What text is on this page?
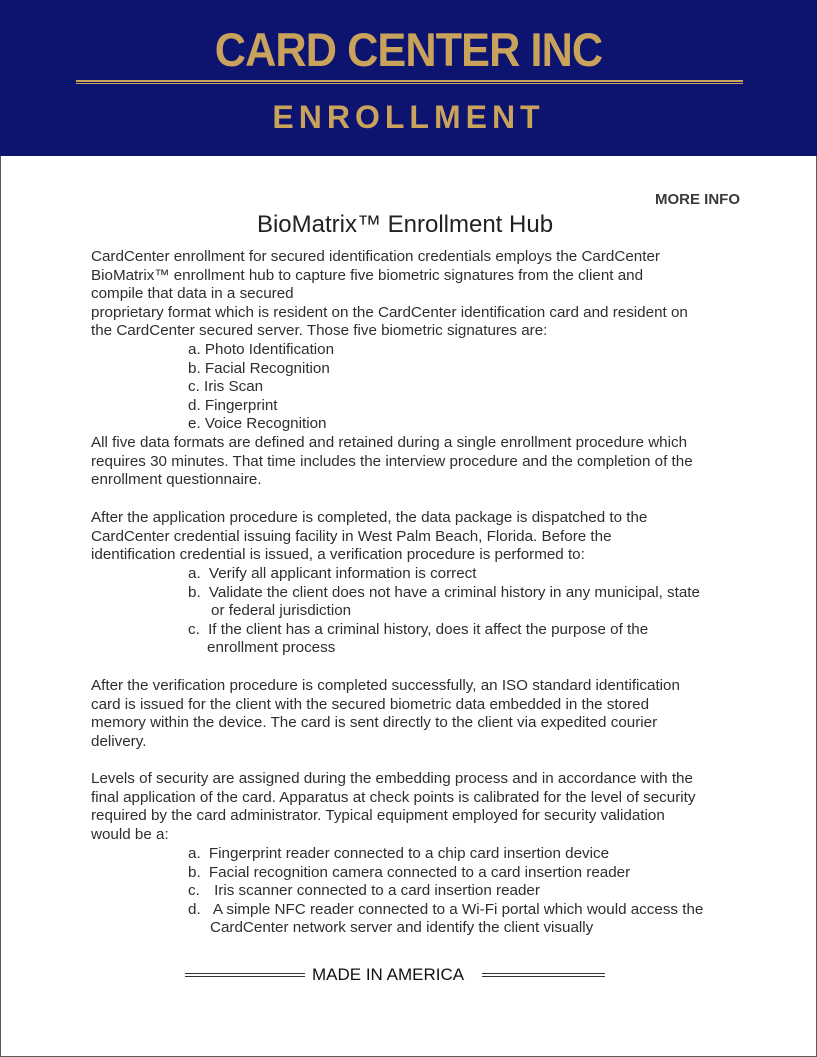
CARD CENTER INC
ENROLLMENT
MORE INFO
BioMatrix™ Enrollment Hub

CardCenter enrollment for secured identification credentials employs the CardCenter

BioMatrix™ enrollment hub to capture five biometric signatures from the client and

compile that data in a secured

proprietary format which is resident on the CardCenter identification card and resident on

the CardCenter secured server. Those five biometric signatures are:

a. Photo Identification
b. Facial Recognition
c. Iris Scan
d. Fingerprint
e. Voice Recognition

All five data formats are defined and retained during a single enrollment procedure which

requires 30 minutes. That time includes the interview procedure and the completion of the

enrollment questionnaire.

After the application procedure is completed, the data package is dispatched to the

CardCenter credential issuing facility in West Palm Beach, Florida. Before the

identification credential is issued, a verification procedure is performed to:

a. Verify all applicant information is correct
b. Validate the client does not have a criminal history in any municipal, state
or federal jurisdiction
c. If the client has a criminal history, does it affect the purpose of the
enrollment process

After the verification procedure is completed successfully, an ISO standard identification

card is issued for the client with the secured biometric data embedded in the stored

memory within the device. The card is sent directly to the client via expedited courier

delivery.

Levels of security are assigned during the embedding process and in accordance with the

final application of the card. Apparatus at check points is calibrated for the level of security

required by the card administrator. Typical equipment employed for security validation

would be a:

a. Fingerprint reader connected to a chip card insertion device
b. Facial recognition camera connected to a card insertion reader
c. Iris scanner connected to a card insertion reader
d. A simple NFC reader connected to a Wi-Fi portal which would access the
CardCenter network server and identify the client visually
MADE IN AMERICA
